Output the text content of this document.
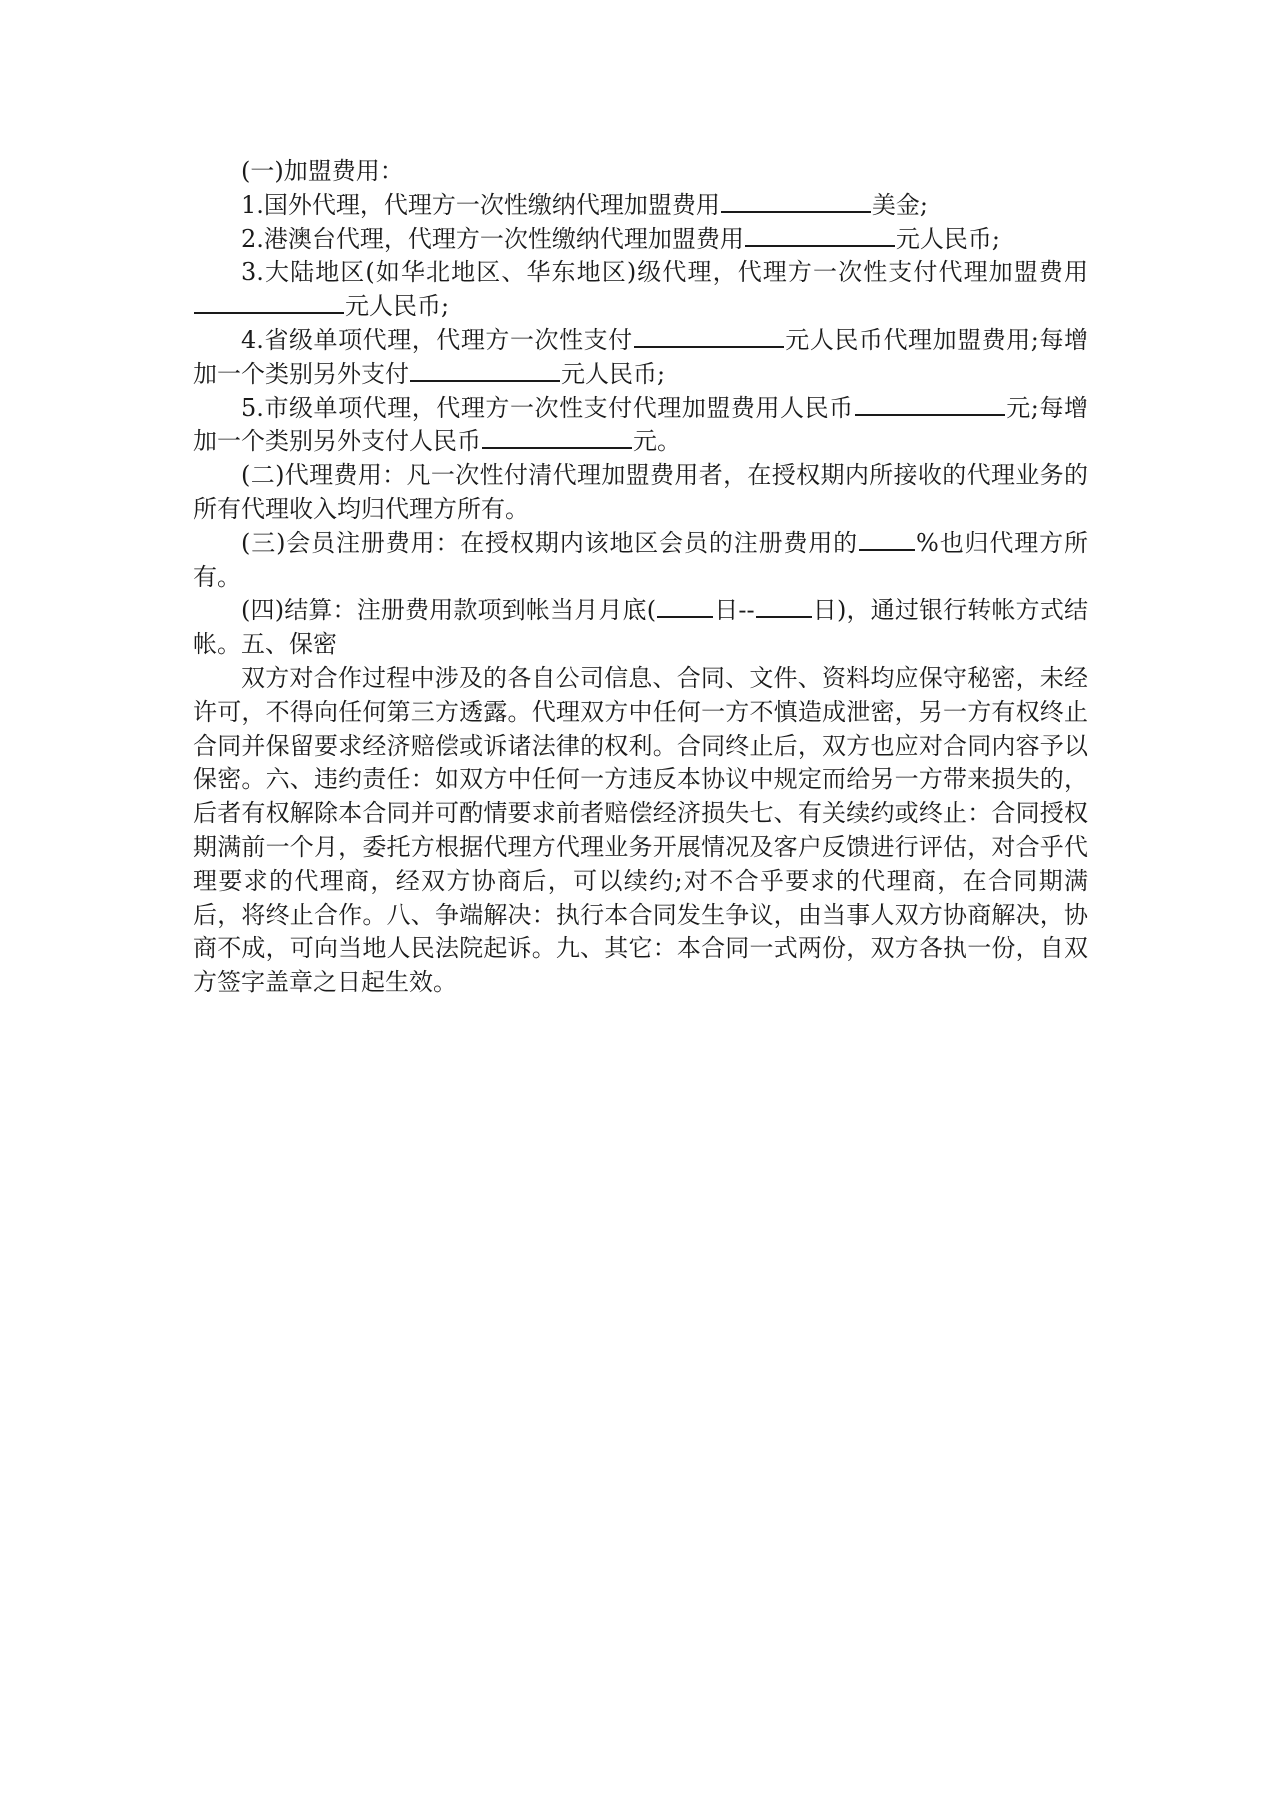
(一)加盟费用：

1.国外代理，代理方一次性缴纳代理加盟费用	美金;

2.港澳台代理，代理方一次性缴纳代理加盟费用	元人民币;

3.大陆地区(如华北地区、华东地区)级代理，代理方一次性支付代理加盟费用元人民币;

4.省级单项代理，代理方一次性支付	元人民币代理加盟费用;每增加一个类别另外支付	元人民币;

5.市级单项代理，代理方一次性支付代理加盟费用人民币	元;每增加一个类别另外支付人民币	元。

(二)代理费用：凡一次性付清代理加盟费用者，在授权期内所接收的代理业务的所有代理收入均归代理方所有。

(三)会员注册费用：在授权期内该地区会员的注册费用的 %也归代理方所有。

(四)结算：注册费用款项到帐当月月底( 日-- 日)，通过银行转帐方式结帐。五、保密

双方对合作过程中涉及的各自公司信息、合同、文件、资料均应保守秘密，未经许可，不得向任何第三方透露。代理双方中任何一方不慎造成泄密，另一方有权终止合同并保留要求经济赔偿或诉诸法律的权利。合同终止后，双方也应对合同内容予以保密。六、违约责任：如双方中任何一方违反本协议中规定而给另一方带来损失的，后者有权解除本合同并可酌情要求前者赔偿经济损失七、有关续约或终止：合同授权期满前一个月，委托方根据代理方代理业务开展情况及客户反馈进行评估，对合乎代理要求的代理商，经双方协商后，可以续约;对不合乎要求的代理商，在合同期满后，将终止合作。八、争端解决：执行本合同发生争议，由当事人双方协商解决，协商不成，可向当地人民法院起诉。九、其它：本合同一式两份，双方各执一份，自双方签字盖章之日起生效。
